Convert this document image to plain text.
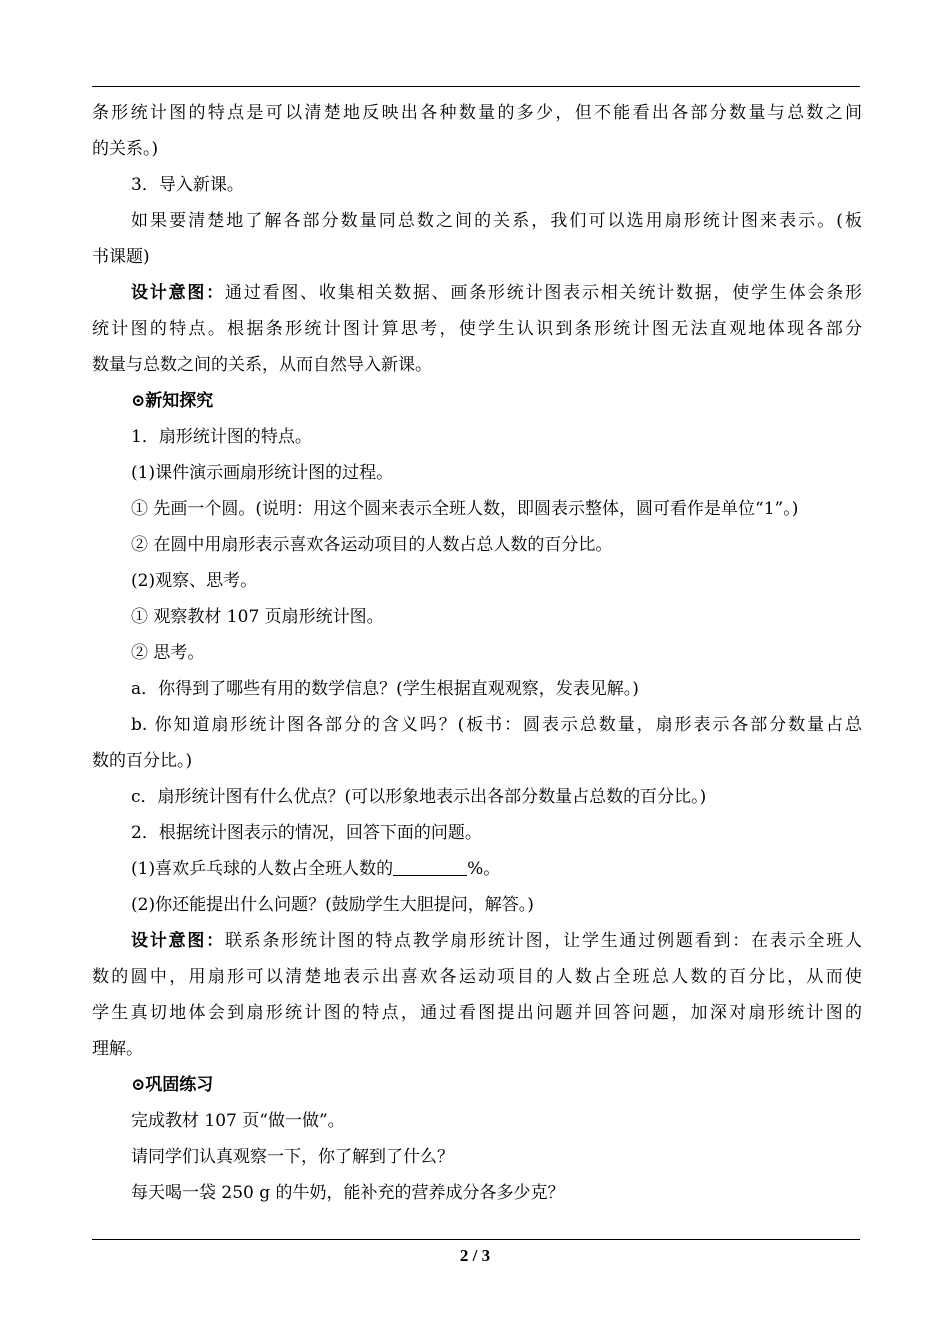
条形统计图的特点是可以清楚地反映出各种数量的多少，但不能看出各部分数量与总数之间
的关系。)
3．导入新课。
如果要清楚地了解各部分数量同总数之间的关系，我们可以选用扇形统计图来表示。(板
书课题)
设计意图：通过看图、收集相关数据、画条形统计图表示相关统计数据，使学生体会条形
统计图的特点。根据条形统计图计算思考，使学生认识到条形统计图无法直观地体现各部分
数量与总数之间的关系，从而自然导入新课。
⊙新知探究
1．扇形统计图的特点。
(1)课件演示画扇形统计图的过程。
① 先画一个圆。(说明：用这个圆来表示全班人数，即圆表示整体，圆可看作是单位“1”。)
② 在圆中用扇形表示喜欢各运动项目的人数占总人数的百分比。
(2)观察、思考。
① 观察教材 107 页扇形统计图。
② 思考。
a．你得到了哪些有用的数学信息？(学生根据直观观察，发表见解。)
b. 你知道扇形统计图各部分的含义吗？(板书：圆表示总数量，扇形表示各部分数量占总
数的百分比。)
c．扇形统计图有什么优点？(可以形象地表示出各部分数量占总数的百分比。)
2．根据统计图表示的情况，回答下面的问题。
(1)喜欢乒乓球的人数占全班人数的	%。
(2)你还能提出什么问题？(鼓励学生大胆提问，解答。)
设计意图：联系条形统计图的特点教学扇形统计图，让学生通过例题看到：在表示全班人
数的圆中，用扇形可以清楚地表示出喜欢各运动项目的人数占全班总人数的百分比，从而使
学生真切地体会到扇形统计图的特点，通过看图提出问题并回答问题，加深对扇形统计图的
理解。
⊙巩固练习
完成教材 107 页“做一做”。
请同学们认真观察一下，你了解到了什么？
每天喝一袋 250 g 的牛奶，能补充的营养成分各多少克？
2 / 3
